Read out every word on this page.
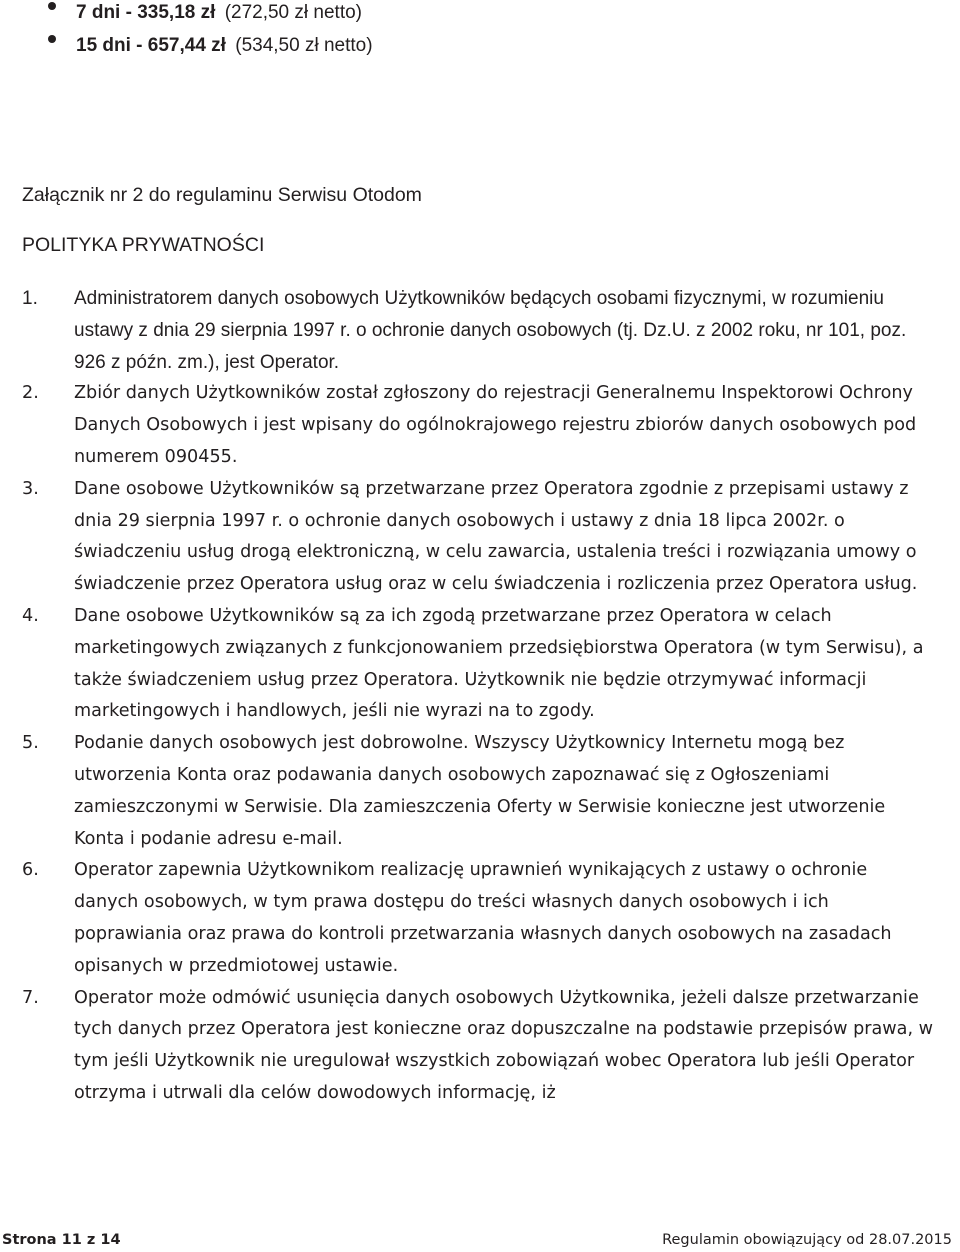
7 dni - 335,18 zł (272,50 zł netto)
15 dni - 657,44 zł (534,50 zł netto)
Załącznik nr 2 do regulaminu Serwisu Otodom
POLITYKA PRYWATNOŚCI
1.	Administratorem danych osobowych Użytkowników będących osobami fizycznymi, w rozumieniu ustawy z dnia 29 sierpnia 1997 r. o ochronie danych osobowych (tj. Dz.U. z 2002 roku, nr 101, poz. 926 z późn. zm.), jest Operator.
2.	Zbiór danych Użytkowników został zgłoszony do rejestracji Generalnemu Inspektorowi Ochrony Danych Osobowych i jest wpisany do ogólnokrajowego rejestru zbiorów danych osobowych pod numerem 090455.
3.	Dane osobowe Użytkowników są przetwarzane przez Operatora zgodnie z przepisami ustawy z dnia 29 sierpnia 1997 r. o ochronie danych osobowych i ustawy z dnia 18 lipca 2002r. o świadczeniu usług drogą elektroniczną, w celu zawarcia, ustalenia treści i rozwiązania umowy o świadczenie przez Operatora usług oraz w celu świadczenia i rozliczenia przez Operatora usług.
4.	Dane osobowe Użytkowników są za ich zgodą przetwarzane przez Operatora w celach marketingowych związanych z funkcjonowaniem przedsiębiorstwa Operatora (w tym Serwisu), a także świadczeniem usług przez Operatora. Użytkownik nie będzie otrzymywać informacji marketingowych i handlowych, jeśli nie wyrazi na to zgody.
5.	Podanie danych osobowych jest dobrowolne. Wszyscy Użytkownicy Internetu mogą bez utworzenia Konta oraz podawania danych osobowych zapoznawać się z Ogłoszeniami zamieszczonymi w Serwisie. Dla zamieszczenia Oferty w Serwisie konieczne jest utworzenie Konta i podanie adresu e-mail.
6.	Operator zapewnia Użytkownikom realizację uprawnień wynikających z ustawy o ochronie danych osobowych, w tym prawa dostępu do treści własnych danych osobowych i ich poprawiania oraz prawa do kontroli przetwarzania własnych danych osobowych na zasadach opisanych w przedmiotowej ustawie.
7.	Operator może odmówić usunięcia danych osobowych Użytkownika, jeżeli dalsze przetwarzanie tych danych przez Operatora jest konieczne oraz dopuszczalne na podstawie przepisów prawa, w tym jeśli Użytkownik nie uregulował wszystkich zobowiązań wobec Operatora lub jeśli Operator otrzyma i utrwali dla celów dowodowych informację, iż
Strona 11 z 14	Regulamin obowiązujący od 28.07.2015
